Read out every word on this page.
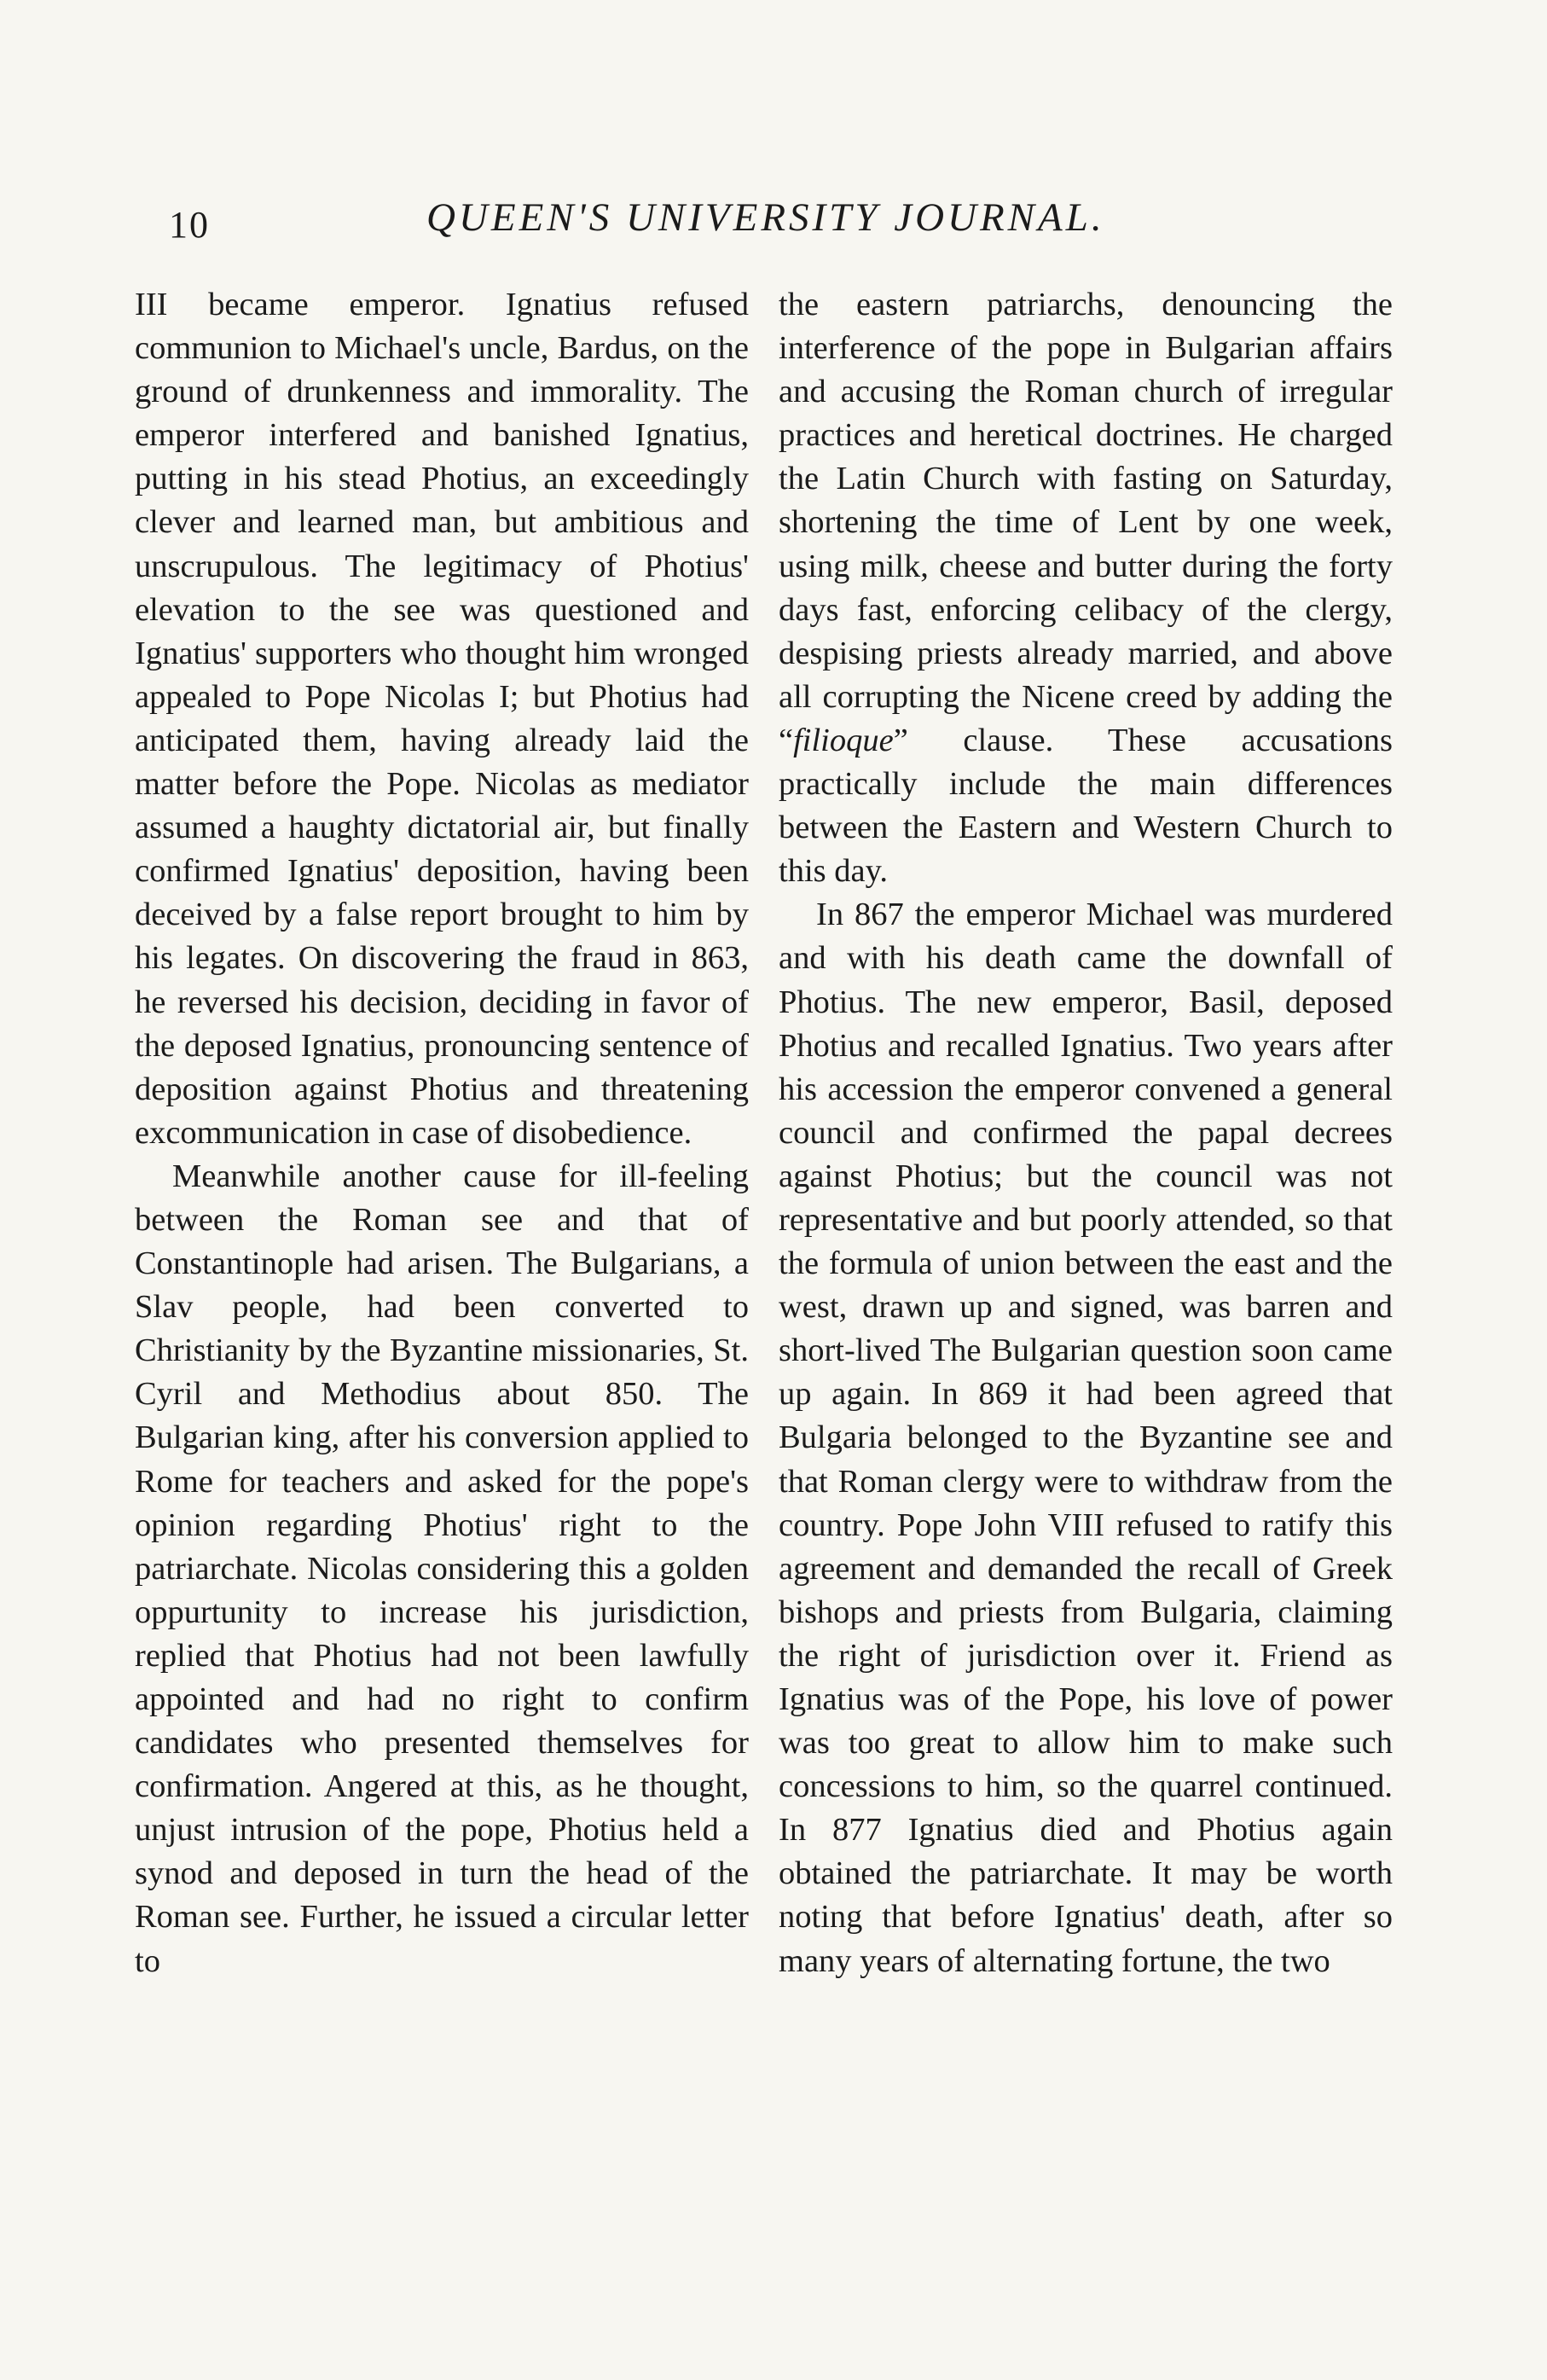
10	QUEEN'S UNIVERSITY JOURNAL.

III became emperor. Ignatius refused communion to Michael's uncle, Bardus, on the ground of drunkenness and immorality. The emperor interfered and banished Ignatius, putting in his stead Photius, an exceedingly clever and learned man, but ambitious and unscrupulous. The legitimacy of Photius' elevation to the see was questioned and Ignatius' supporters who thought him wronged appealed to Pope Nicolas I; but Photius had anticipated them, having already laid the matter before the Pope. Nicolas as mediator assumed a haughty dictatorial air, but finally confirmed Ignatius' deposition, having been deceived by a false report brought to him by his legates. On discovering the fraud in 863, he reversed his decision, deciding in favor of the deposed Ignatius, pronouncing sentence of deposition against Photius and threatening excommunication in case of disobedience.

Meanwhile another cause for ill-feeling between the Roman see and that of Constantinople had arisen. The Bulgarians, a Slav people, had been converted to Christianity by the Byzantine missionaries, St. Cyril and Methodius about 850. The Bulgarian king, after his conversion applied to Rome for teachers and asked for the pope's opinion regarding Photius' right to the patriarchate. Nicolas considering this a golden oppurtunity to increase his jurisdiction, replied that Photius had not been lawfully appointed and had no right to confirm candidates who presented themselves for confirmation. Angered at this, as he thought, unjust intrusion of the pope, Photius held a synod and deposed in turn the head of the Roman see. Further, he issued a circular letter to

the eastern patriarchs, denouncing the interference of the pope in Bulgarian affairs and accusing the Roman church of irregular practices and heretical doctrines. He charged the Latin Church with fasting on Saturday, shortening the time of Lent by one week, using milk, cheese and butter during the forty days fast, enforcing celibacy of the clergy, despising priests already married, and above all corrupting the Nicene creed by adding the “filioque” clause. These accusations practically include the main differences between the Eastern and Western Church to this day.

In 867 the emperor Michael was murdered and with his death came the downfall of Photius. The new emperor, Basil, deposed Photius and recalled Ignatius. Two years after his accession the emperor convened a general council and confirmed the papal decrees against Photius; but the council was not representative and but poorly attended, so that the formula of union between the east and the west, drawn up and signed, was barren and short-lived The Bulgarian question soon came up again. In 869 it had been agreed that Bulgaria belonged to the Byzantine see and that Roman clergy were to withdraw from the country. Pope John VIII refused to ratify this agreement and demanded the recall of Greek bishops and priests from Bulgaria, claiming the right of jurisdiction over it. Friend as Ignatius was of the Pope, his love of power was too great to allow him to make such concessions to him, so the quarrel continued. In 877 Ignatius died and Photius again obtained the patriarchate. It may be worth noting that before Ignatius' death, after so many years of alternating fortune, the two
